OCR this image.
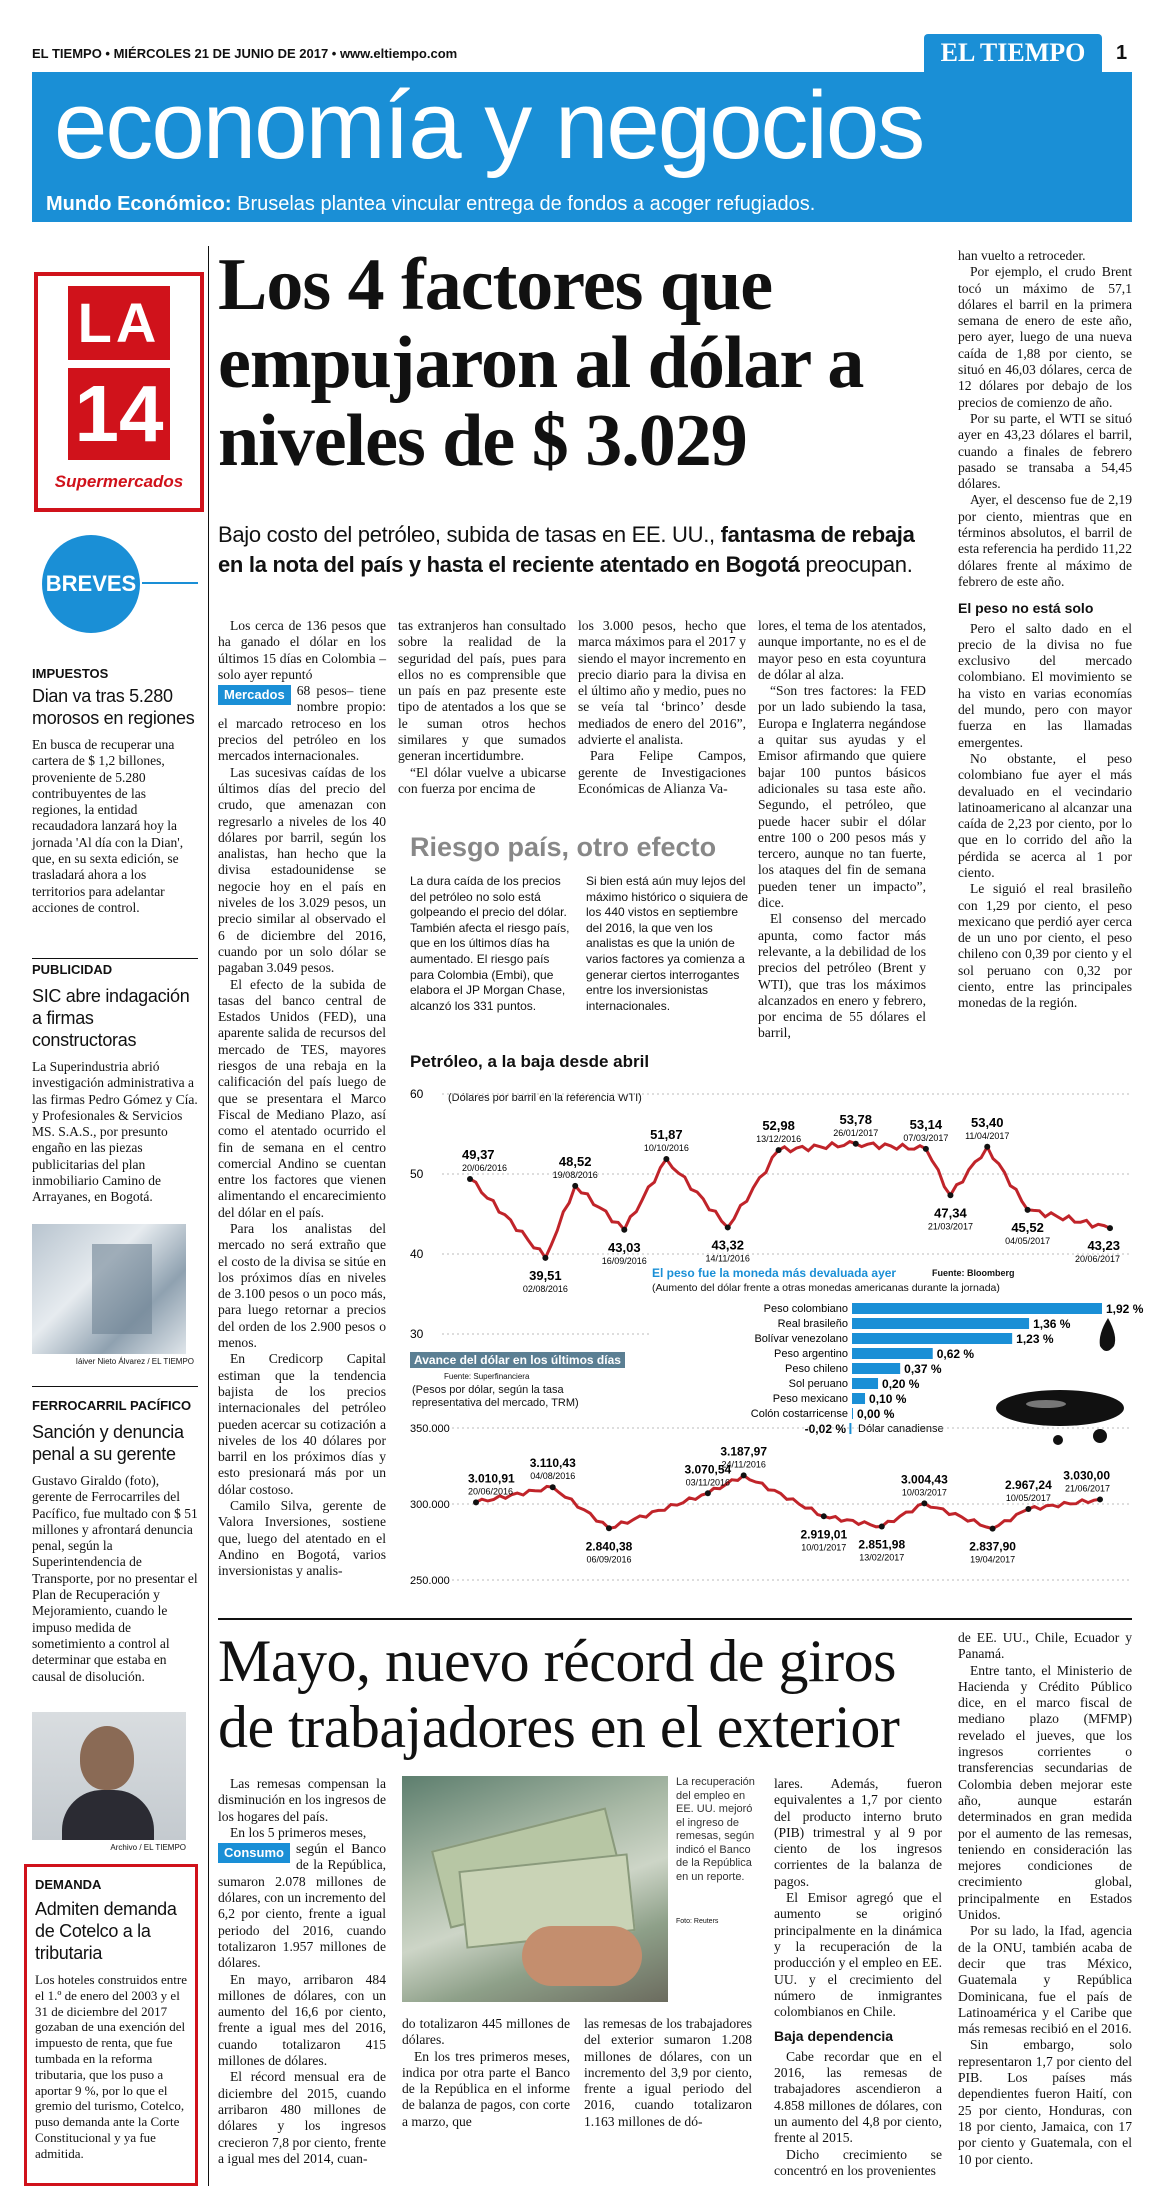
EL TIEMPO • MIÉRCOLES 21 DE JUNIO DE 2017 • www.eltiempo.com	EL TIEMPO	1
economía y negocios
Mundo Económico: Bruselas plantea vincular entrega de fondos a acoger refugiados.
LA
14
Supermercados
BREVES
IMPUESTOS
Dian va tras 5.280 morosos en regiones
En busca de recuperar una cartera de $ 1,2 billones, proveniente de 5.280 contribuyentes de las regiones, la entidad recaudadora lanzará hoy la jornada 'Al día con la Dian', que, en su sexta edición, se trasladará ahora a los territorios para adelantar acciones de control.
PUBLICIDAD
SIC abre indagación a firmas constructoras
La Superindustria abrió investigación administrativa a las firmas Pedro Gómez y Cía. y Profesionales & Servicios MS. S.A.S., por presunto engaño en las piezas publicitarias del plan inmobiliario Camino de Arrayanes, en Bogotá.
Iáiver Nieto Álvarez / EL TIEMPO
FERROCARRIL PACÍFICO
Sanción y denuncia penal a su gerente
Gustavo Giraldo (foto), gerente de Ferrocarriles del Pacífico, fue multado con $ 51 millones y afrontará denuncia penal, según la Superintendencia de Transporte, por no presentar el Plan de Recuperación y Mejoramiento, cuando le impuso medida de sometimiento a control al determinar que estaba en causal de disolución.
Archivo / EL TIEMPO
DEMANDA
Admiten demanda de Cotelco a la tributaria
Los hoteles construidos entre el 1.º de enero del 2003 y el 31 de diciembre del 2017 gozaban de una exención del impuesto de renta, que fue tumbada en la reforma tributaria, que los puso a aportar 9 %, por lo que el gremio del turismo, Cotelco, puso demanda ante la Corte Constitucional y ya fue admitida.
Los 4 factores que empujaron al dólar a niveles de $ 3.029
Bajo costo del petróleo, subida de tasas en EE. UU., fantasma de rebaja en la nota del país y hasta el reciente atentado en Bogotá preocupan.

Los cerca de 136 pesos que ha ganado el dólar en los últimos 15 días en Colombia –solo ayer repuntó

Mercados 68 pesos– tiene nombre propio: el marcado retroceso en los precios del petróleo en los mercados internacionales.

Las sucesivas caídas de los últimos días del precio del crudo, que amenazan con regresarlo a niveles de los 40 dólares por barril, según los analistas, han hecho que la divisa estadounidense se negocie hoy en el país en niveles de los 3.029 pesos, un precio similar al observado el 6 de diciembre del 2016, cuando por un solo dólar se pagaban 3.049 pesos.

El efecto de la subida de tasas del banco central de Estados Unidos (FED), una aparente salida de recursos del mercado de TES, mayores riesgos de una rebaja en la calificación del país luego de que se presentara el Marco Fiscal de Mediano Plazo, así como el atentado ocurrido el fin de semana en el centro comercial Andino se cuentan entre los factores que vienen alimentando el encarecimiento del dólar en el país.

Para los analistas del mercado no será extraño que el costo de la divisa se sitúe en los próximos días en niveles de 3.100 pesos o un poco más, para luego retornar a precios del orden de los 2.900 pesos o menos.

En Credicorp Capital estiman que la tendencia bajista de los precios internacionales del petróleo pueden acercar su cotización a niveles de los 40 dólares por barril en los próximos días y esto presionará más por un dólar costoso.

Camilo Silva, gerente de Valora Inversiones, sostiene que, luego del atentado en el Andino en Bogotá, varios inversionistas y analis-

tas extranjeros han consultado sobre la realidad de la seguridad del país, pues para ellos no es comprensible que un país en paz presente este tipo de atentados a los que se le suman otros hechos similares y que sumados generan incertidumbre.

“El dólar vuelve a ubicarse con fuerza por encima de

los 3.000 pesos, hecho que marca máximos para el 2017 y siendo el mayor incremento en precio diario para la divisa en el último año y medio, pues no se veía tal ‘brinco’ desde mediados de enero del 2016”, advierte el analista.

Para Felipe Campos, gerente de Investigaciones Económicas de Alianza Va-

lores, el tema de los atentados, aunque importante, no es el de mayor peso en esta coyuntura de dólar al alza.

“Son tres factores: la FED por un lado subiendo la tasa, Europa e Inglaterra negándose a quitar sus ayudas y el Emisor afirmando que quiere bajar 100 puntos básicos adicionales su tasa este año. Segundo, el petróleo, que puede hacer subir el dólar entre 100 o 200 pesos más y tercero, aunque no tan fuerte, los ataques del fin de semana pueden tener un impacto”, dice.

El consenso del mercado apunta, como factor más relevante, a la debilidad de los precios del petróleo (Brent y WTI), que tras los máximos alcanzados en enero y febrero, por encima de 55 dólares el barril,

han vuelto a retroceder.

Por ejemplo, el crudo Brent tocó un máximo de 57,1 dólares el barril en la primera semana de enero de este año, pero ayer, luego de una nueva caída de 1,88 por ciento, se situó en 46,03 dólares, cerca de 12 dólares por debajo de los precios de comienzo de año.

Por su parte, el WTI se situó ayer en 43,23 dólares el barril, cuando a finales de febrero pasado se transaba a 54,45 dólares.

Ayer, el descenso fue de 2,19 por ciento, mientras que en términos absolutos, el barril de esta referencia ha perdido 11,22 dólares frente al máximo de febrero de este año.

El peso no está solo

Pero el salto dado en el precio de la divisa no fue exclusivo del mercado colombiano. El movimiento se ha visto en varias economías del mundo, pero con mayor fuerza en las llamadas emergentes.

No obstante, el peso colombiano fue ayer el más devaluado en el vecindario latinoamericano al alcanzar una caída de 2,23 por ciento, por lo que en lo corrido del año la pérdida se acerca al 1 por ciento.

Le siguió el real brasileño con 1,29 por ciento, el peso mexicano que perdió ayer cerca de un uno por ciento, el peso chileno con 0,39 por ciento y el sol peruano con 0,32 por ciento, entre las principales monedas de la región.

Riesgo país, otro efecto
La dura caída de los precios del petróleo no solo está golpeando el precio del dólar. También afecta el riesgo país, que en los últimos días ha aumentado. El riesgo país para Colombia (Embi), que elabora el JP Morgan Chase, alcanzó los 331 puntos.
Si bien está aún muy lejos del máximo histórico o siquiera de los 440 vistos en septiembre del 2016, la que ven los analistas es que la unión de varios factores ya comienza a generar ciertos interrogantes entre los inversionistas internacionales.
Petróleo, a la baja desde abril
(Dólares por barril en la referencia WTI)
60
50
40
30
49,37
20/06/2016
39,51
02/08/2016
48,52
19/08/2016
43,03
16/09/2016
51,87
10/10/2016
43,32
14/11/2016
52,98
13/12/2016
53,78
26/01/2017
53,14
07/03/2017
47,34
21/03/2017
53,40
11/04/2017
45,52
04/05/2017	43,23
20/06/2017
El peso fue la moneda más devaluada ayer	Fuente: Bloomberg
(Aumento del dólar frente a otras monedas americanas durante la jornada)
Peso colombiano	1,92 %
Real brasileño	1,36 %
Bolívar venezolano	1,23 %
Peso argentino	0,62 %
Peso chileno	0,37 %
Sol peruano	0,20 %
Peso mexicano 0,10 %
Colón costarricense 0,00 %
-0,02 % Dólar canadiense
Avance del dólar en los últimos días
Fuente: Superfinanciera
(Pesos por dólar, según la tasa representativa del mercado, TRM)
350.000
300.000
250.000
3.010,91
20/06/2016
3.110,43
04/08/2016
2.840,38
06/09/2016
3.070,54
03/11/2016
3.187,97
24/11/2016
2.919,01
10/01/2017 2.851,98
13/02/2017
3.004,43
10/03/2017
2.837,90
19/04/2017
2.967,24
10/05/2017
3.030,00
21/06/2017
Mayo, nuevo récord de giros de trabajadores en el exterior

Las remesas compensan la disminución en los ingresos de los hogares del país.

En los 5 primeros meses,

Consumo según el Banco de la República, sumaron 2.078 millones de dólares, con un incremento del 6,2 por ciento, frente a igual periodo del 2016, cuando totalizaron 1.957 millones de dólares.

En mayo, arribaron 484 millones de dólares, con un aumento del 16,6 por ciento, frente a igual mes del 2016, cuando totalizaron 415 millones de dólares.

El récord mensual era de diciembre del 2015, cuando arribaron 480 millones de dólares y los ingresos crecieron 7,8 por ciento, frente a igual mes del 2014, cuan-

La recuperación del empleo en EE. UU. mejoró el ingreso de remesas, según indicó el Banco de la República en un reporte.
Foto: Reuters

do totalizaron 445 millones de dólares.

En los tres primeros meses, indica por otra parte el Banco de la República en el informe de balanza de pagos, con corte a marzo, que

las remesas de los trabajadores del exterior sumaron 1.208 millones de dólares, con un incremento del 3,9 por ciento, frente a igual periodo del 2016, cuando totalizaron 1.163 millones de dó-

lares. Además, fueron equivalentes a 1,7 por ciento del producto interno bruto (PIB) trimestral y al 9 por ciento de los ingresos corrientes de la balanza de pagos.

El Emisor agregó que el aumento se originó principalmente en la dinámica y la recuperación de la producción y el empleo en EE. UU. y el crecimiento del número de inmigrantes colombianos en Chile.

Baja dependencia

Cabe recordar que en el 2016, las remesas de trabajadores ascendieron a 4.858 millones de dólares, con un aumento del 4,8 por ciento, frente al 2015.

Dicho crecimiento se concentró en los provenientes

de EE. UU., Chile, Ecuador y Panamá.

Entre tanto, el Ministerio de Hacienda y Crédito Público dice, en el marco fiscal de mediano plazo (MFMP) revelado el jueves, que los ingresos corrientes o transferencias secundarias de Colombia deben mejorar este año, aunque estarán determinados en gran medida por el aumento de las remesas, teniendo en consideración las mejores condiciones de crecimiento global, principalmente en Estados Unidos.

Por su lado, la Ifad, agencia de la ONU, también acaba de decir que tras México, Guatemala y República Dominicana, fue el país de Latinoamérica y el Caribe que más remesas recibió en el 2016.

Sin embargo, solo representaron 1,7 por ciento del PIB. Los países más dependientes fueron Haití, con 25 por ciento, Honduras, con 18 por ciento, Jamaica, con 17 por ciento y Guatemala, con el 10 por ciento.
